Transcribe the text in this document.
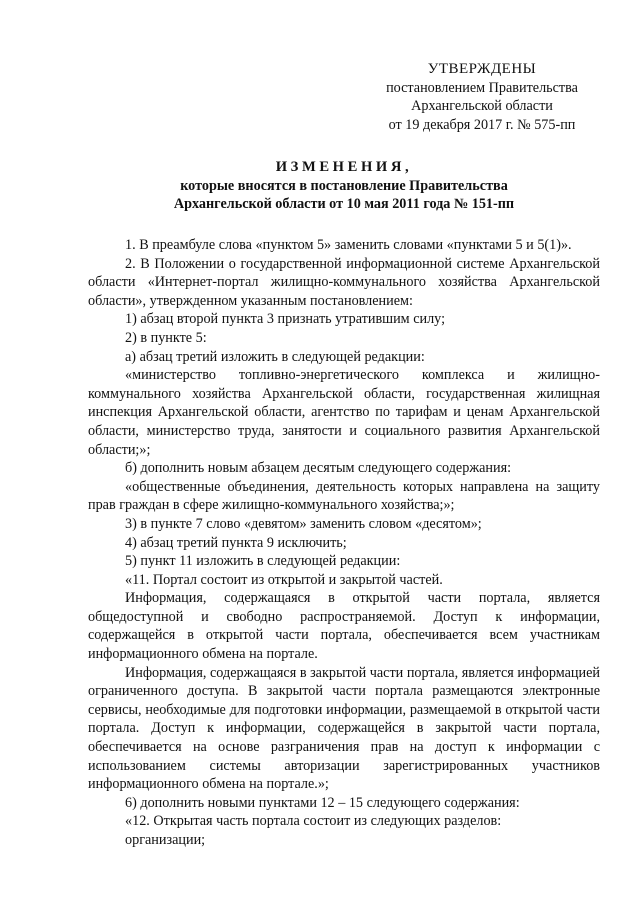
УТВЕРЖДЕНЫ
постановлением Правительства
Архангельской области
от 19 декабря 2017 г. № 575-пп
ИЗМЕНЕНИЯ,
которые вносятся в постановление Правительства
Архангельской области от 10 мая 2011 года № 151-пп

1. В преамбуле слова «пунктом 5» заменить словами «пунктами 5 и 5(1)».

2. В Положении о государственной информационной системе Архангельской области «Интернет-портал жилищно-коммунального хозяйства Архангельской области», утвержденном указанным постановлением:

1) абзац второй пункта 3 признать утратившим силу;

2) в пункте 5:

а) абзац третий изложить в следующей редакции:

«министерство топливно-энергетического комплекса и жилищно-коммунального хозяйства Архангельской области, государственная жилищная инспекция Архангельской области, агентство по тарифам и ценам Архангельской области, министерство труда, занятости и социального развития Архангельской области;»;

б) дополнить новым абзацем десятым следующего содержания:

«общественные объединения, деятельность которых направлена на защиту прав граждан в сфере жилищно-коммунального хозяйства;»;

3) в пункте 7 слово «девятом» заменить словом «десятом»;

4) абзац третий пункта 9 исключить;

5) пункт 11 изложить в следующей редакции:

«11. Портал состоит из открытой и закрытой частей.

Информация, содержащаяся в открытой части портала, является общедоступной и свободно распространяемой. Доступ к информации, содержащейся в открытой части портала, обеспечивается всем участникам информационного обмена на портале.

Информация, содержащаяся в закрытой части портала, является информацией ограниченного доступа. В закрытой части портала размещаются электронные сервисы, необходимые для подготовки информации, размещаемой в открытой части портала. Доступ к информации, содержащейся в закрытой части портала, обеспечивается на основе разграничения прав на доступ к информации с использованием системы авторизации зарегистрированных участников информационного обмена на портале.»;

6) дополнить новыми пунктами 12 – 15 следующего содержания:

«12. Открытая часть портала состоит из следующих разделов:

организации;
